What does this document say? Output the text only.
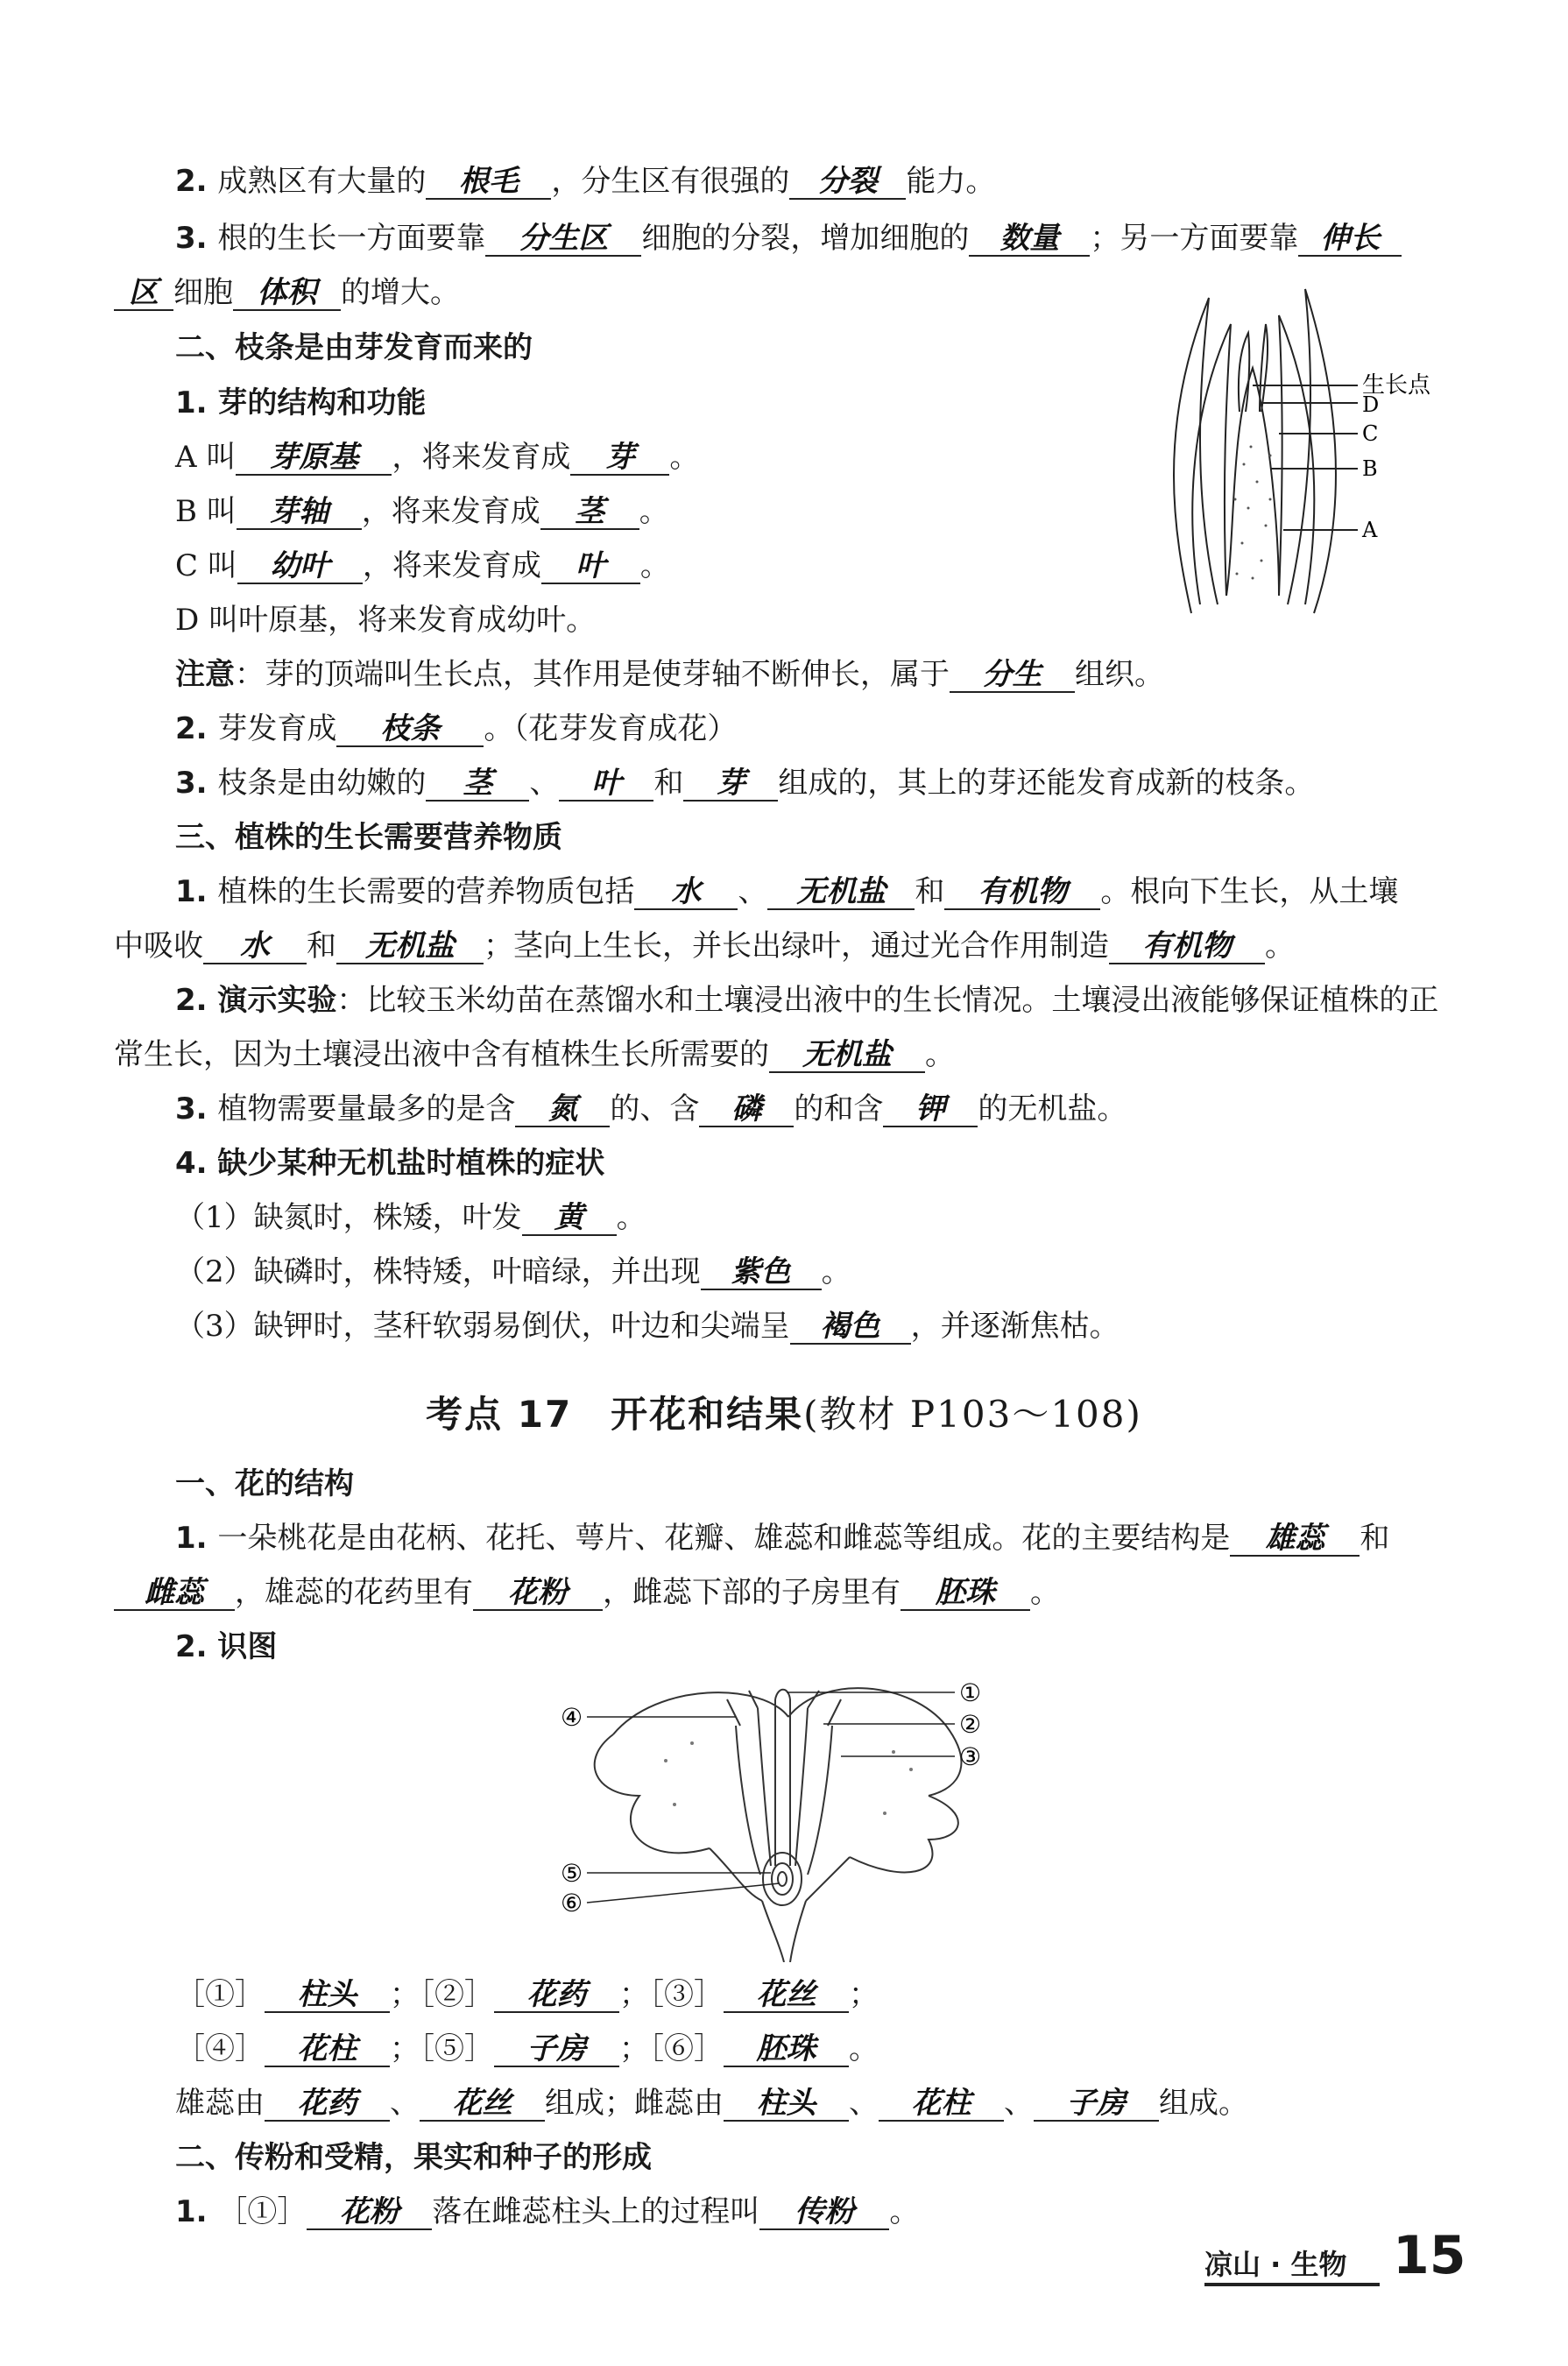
2. 成熟区有大量的 根毛 ，分生区有很强的 分裂 能力。
3. 根的生长一方面要靠 分生区 细胞的分裂，增加细胞的 数量 ；另一方面要靠 伸长
区 细胞 体积 的增大。
二、枝条是由芽发育而来的
1. 芽的结构和功能
A 叫 芽原基 ，将来发育成 芽 。
B 叫 芽轴 ，将来发育成 茎 。
C 叫 幼叶 ，将来发育成 叶 。
D 叫叶原基，将来发育成幼叶。
注意：芽的顶端叫生长点，其作用是使芽轴不断伸长，属于 分生 组织。
生长点
D
C
B
A
2. 芽发育成 枝条 。（花芽发育成花）
3. 枝条是由幼嫩的 茎 、 叶 和 芽 组成的，其上的芽还能发育成新的枝条。
三、植株的生长需要营养物质
1. 植株的生长需要的营养物质包括 水 、 无机盐 和 有机物 。根向下生长，从土壤
中吸收 水 和 无机盐 ；茎向上生长，并长出绿叶，通过光合作用制造 有机物 。
2. 演示实验：比较玉米幼苗在蒸馏水和土壤浸出液中的生长情况。土壤浸出液能够保证植株的正
常生长，因为土壤浸出液中含有植株生长所需要的 无机盐 。
3. 植物需要量最多的是含 氮 的、含 磷 的和含 钾 的无机盐。
4. 缺少某种无机盐时植株的症状
（1）缺氮时，株矮，叶发 黄 。
（2）缺磷时，株特矮，叶暗绿，并出现 紫色 。
（3）缺钾时，茎秆软弱易倒伏，叶边和尖端呈 褐色 ，并逐渐焦枯。
考点 17　开花和结果(教材 P103～108)
一、花的结构
1. 一朵桃花是由花柄、花托、萼片、花瓣、雄蕊和雌蕊等组成。花的主要结构是 雄蕊 和
雌蕊 ，雄蕊的花药里有 花粉 ，雌蕊下部的子房里有 胚珠 。
2. 识图
①
②
③
④
⑤
⑥
［①］ 柱头 ；［②］ 花药 ；［③］ 花丝 ；
［④］ 花柱 ；［⑤］ 子房 ；［⑥］ 胚珠 。
雄蕊由 花药 、 花丝 组成；雌蕊由 柱头 、 花柱 、 子房 组成。
二、传粉和受精，果实和种子的形成
1. ［①］ 花粉 落在雌蕊柱头上的过程叫 传粉 。
凉山 · 生物 15
